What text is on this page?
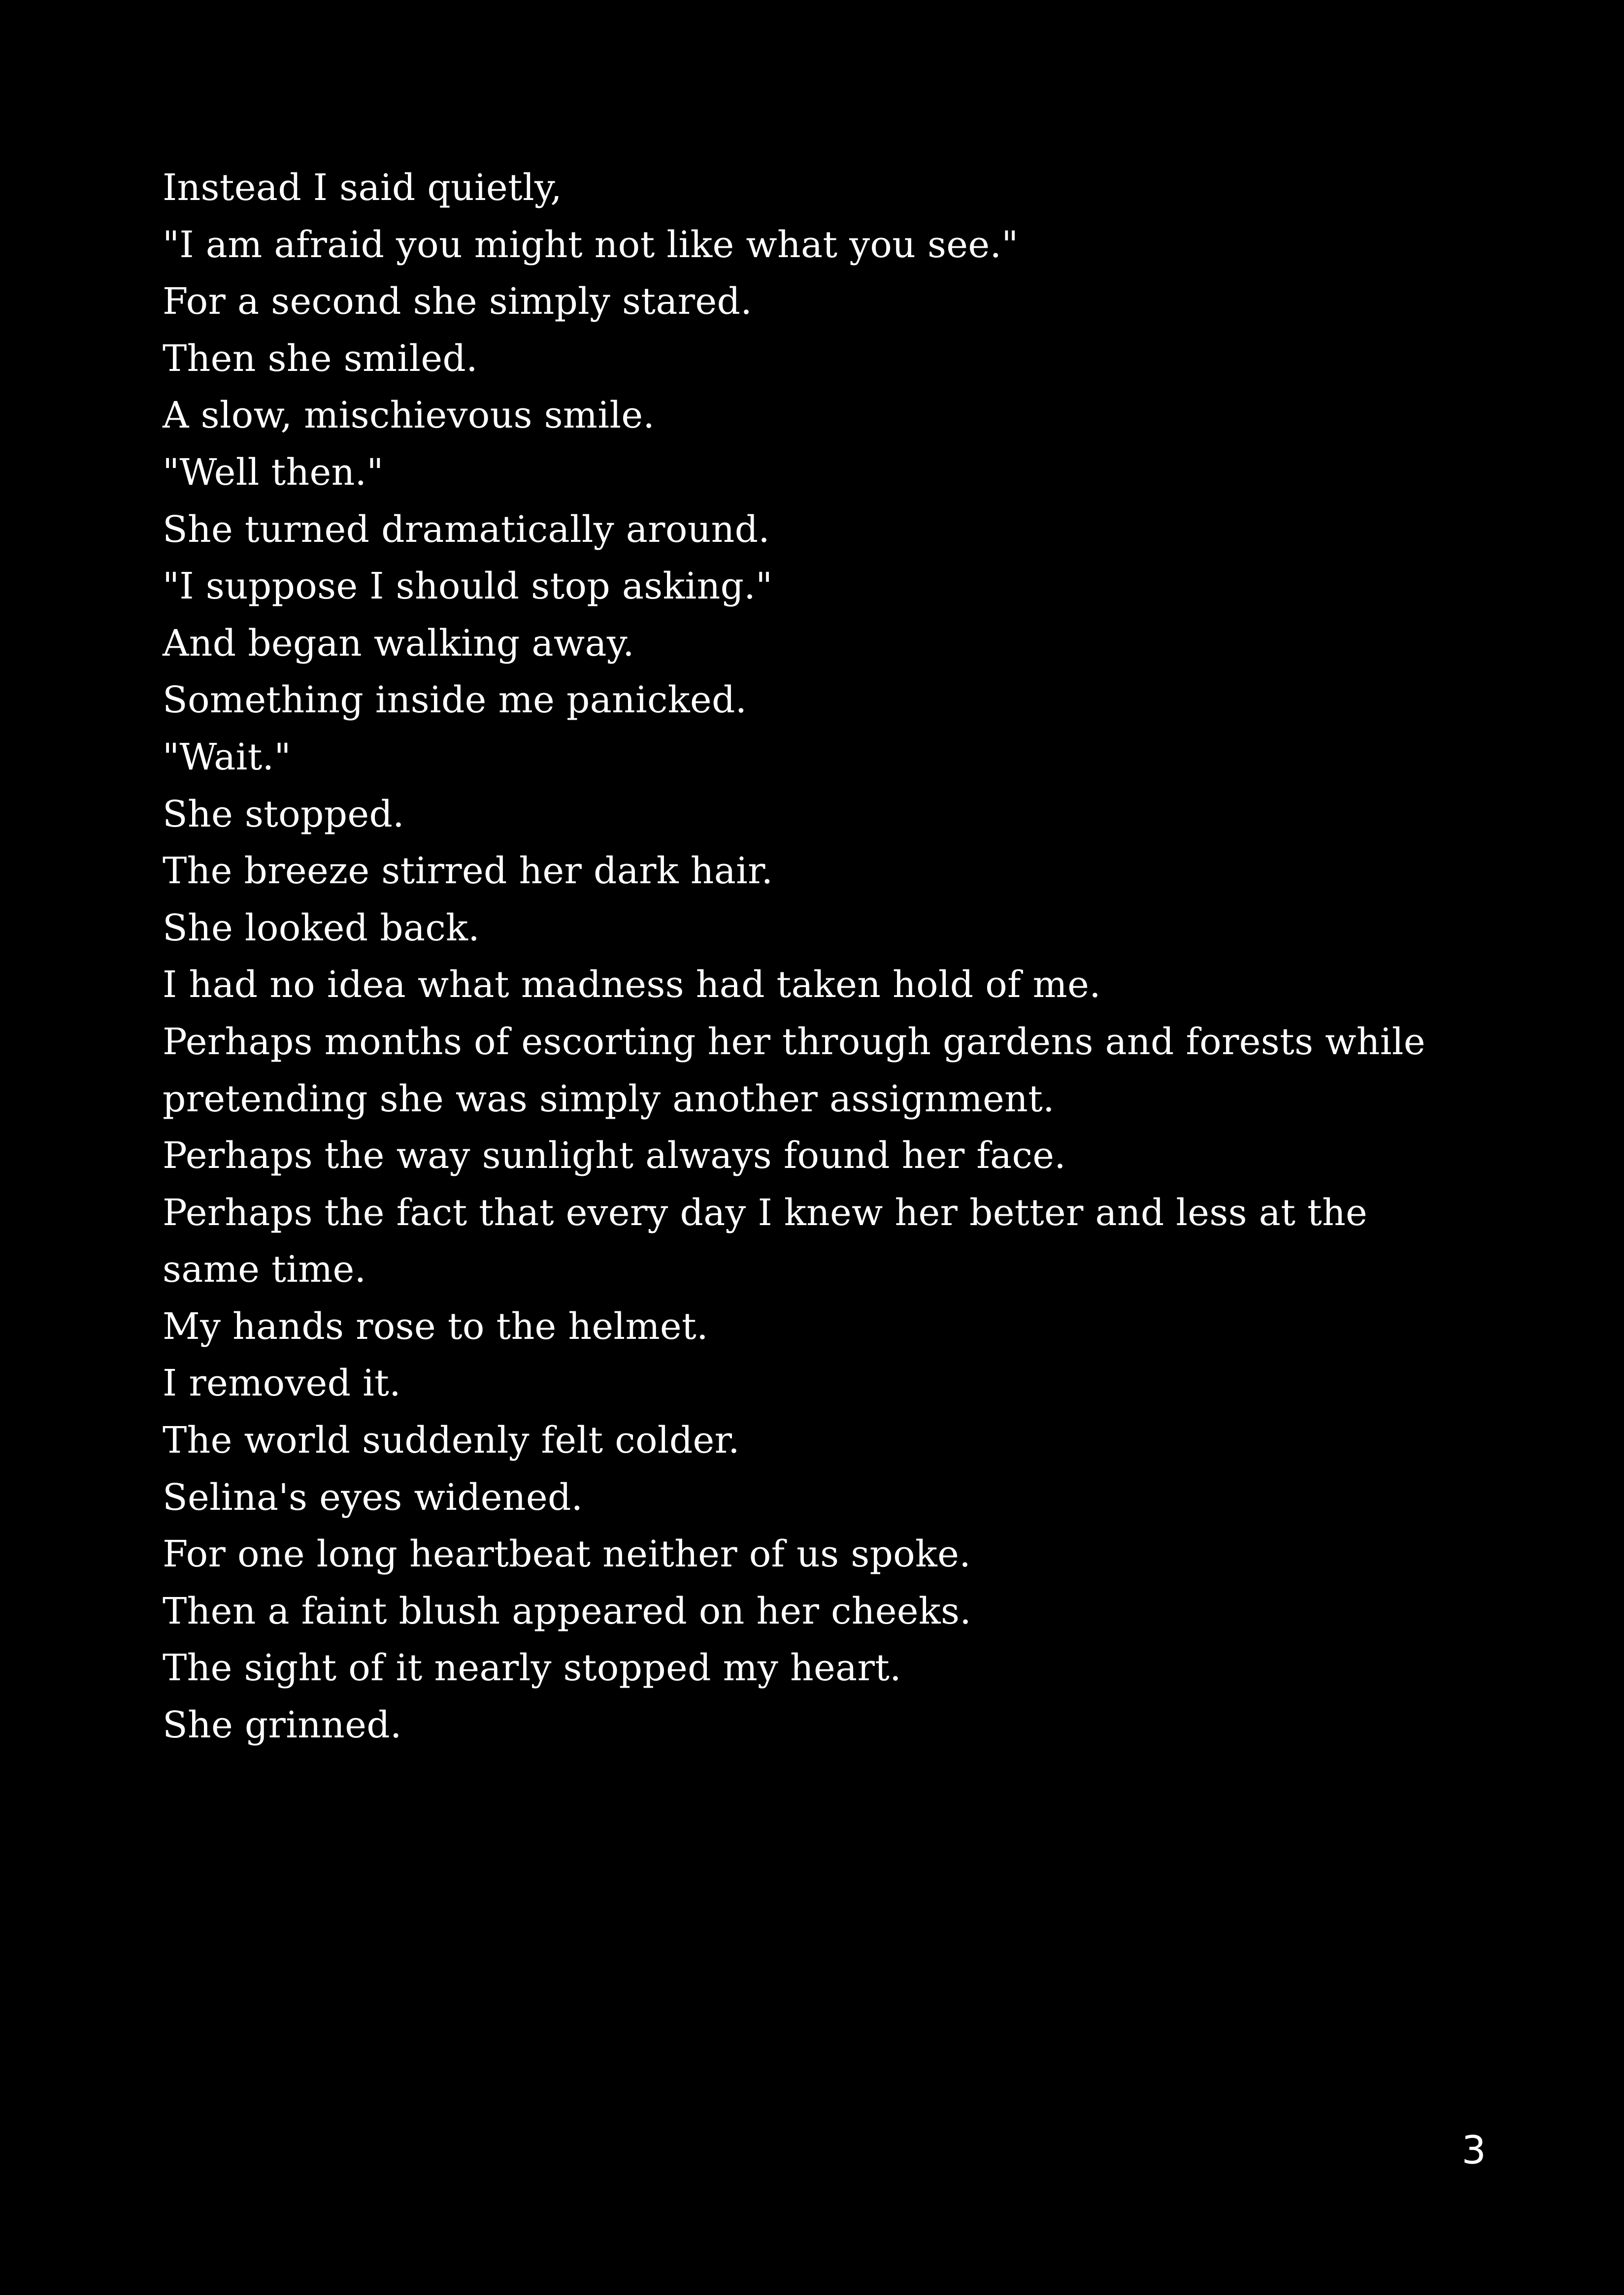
Instead I said quietly,

"I am afraid you might not like what you see."

For a second she simply stared.

Then she smiled.

A slow, mischievous smile.

"Well then."

She turned dramatically around.

"I suppose I should stop asking."

And began walking away.

Something inside me panicked.

"Wait."

She stopped.

The breeze stirred her dark hair.

She looked back.

I had no idea what madness had taken hold of me.

Perhaps months of escorting her through gardens and forests while pretending she was simply another assignment.

Perhaps the way sunlight always found her face.

Perhaps the fact that every day I knew her better and less at the same time.

My hands rose to the helmet.

I removed it.

The world suddenly felt colder.

Selina's eyes widened.

For one long heartbeat neither of us spoke.

Then a faint blush appeared on her cheeks.

The sight of it nearly stopped my heart.

She grinned.

3
